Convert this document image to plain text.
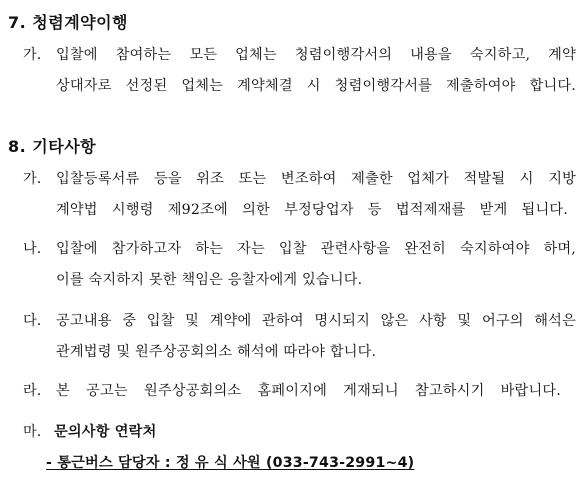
7. 청렴계약이행
가. 입찰에 참여하는 모든 업체는 청렴이행각서의 내용을 숙지하고, 계약
상대자로 선정된 업체는 계약체결 시 청렴이행각서를 제출하여야 합니다.
8. 기타사항
가. 입찰등록서류 등을 위조 또는 변조하여 제출한 업체가 적발될 시 지방
계약법 시행령 제92조에 의한 부정당업자 등 법적제재를 받게 됩니다.
나. 입찰에 참가하고자 하는 자는 입찰 관련사항을 완전히 숙지하여야 하며,
이를 숙지하지 못한 책임은 응찰자에게 있습니다.
다. 공고내용 중 입찰 및 계약에 관하여 명시되지 않은 사항 및 어구의 해석은
관계법령 및 원주상공회의소 해석에 따라야 합니다.
라. 본 공고는 원주상공회의소 홈페이지에 게재되니 참고하시기 바랍니다.
마. 문의사항 연락처
- 통근버스 담당자 : 정 유 식 사원 (033-743-2991~4)
